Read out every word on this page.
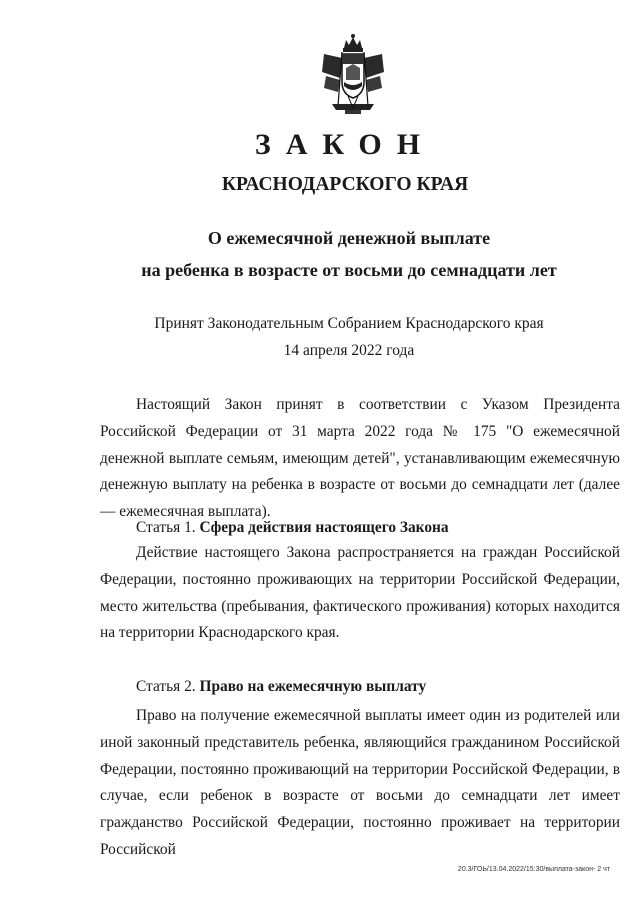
ЗАКОН
КРАСНОДАРСКОГО КРАЯ
О ежемесячной денежной выплате
на ребенка в возрасте от восьми до семнадцати лет
Принят Законодательным Собранием Краснодарского края
14 апреля 2022 года

Настоящий Закон принят в соответствии с Указом Президента Российской Федерации от 31 марта 2022 года № 175 "О ежемесячной денежной выплате семьям, имеющим детей", устанавливающим ежемесячную денежную выплату на ребенка в возрасте от восьми до семнадцати лет (далее — ежемесячная выплата).

Статья 1. Сфера действия настоящего Закона

Действие настоящего Закона распространяется на граждан Российской Федерации, постоянно проживающих на территории Российской Федерации, место жительства (пребывания, фактического проживания) которых находится на территории Краснодарского края.

Статья 2. Право на ежемесячную выплату

Право на получение ежемесячной выплаты имеет один из родителей или иной законный представитель ребенка, являющийся гражданином Российской Федерации, постоянно проживающий на территории Российской Федерации, в случае, если ребенок в возрасте от восьми до семнадцати лет имеет гражданство Российской Федерации, постоянно проживает на территории Российской

20.3/ГОЬ/13.04.2022/15:30/выплата-закон- 2 чт
